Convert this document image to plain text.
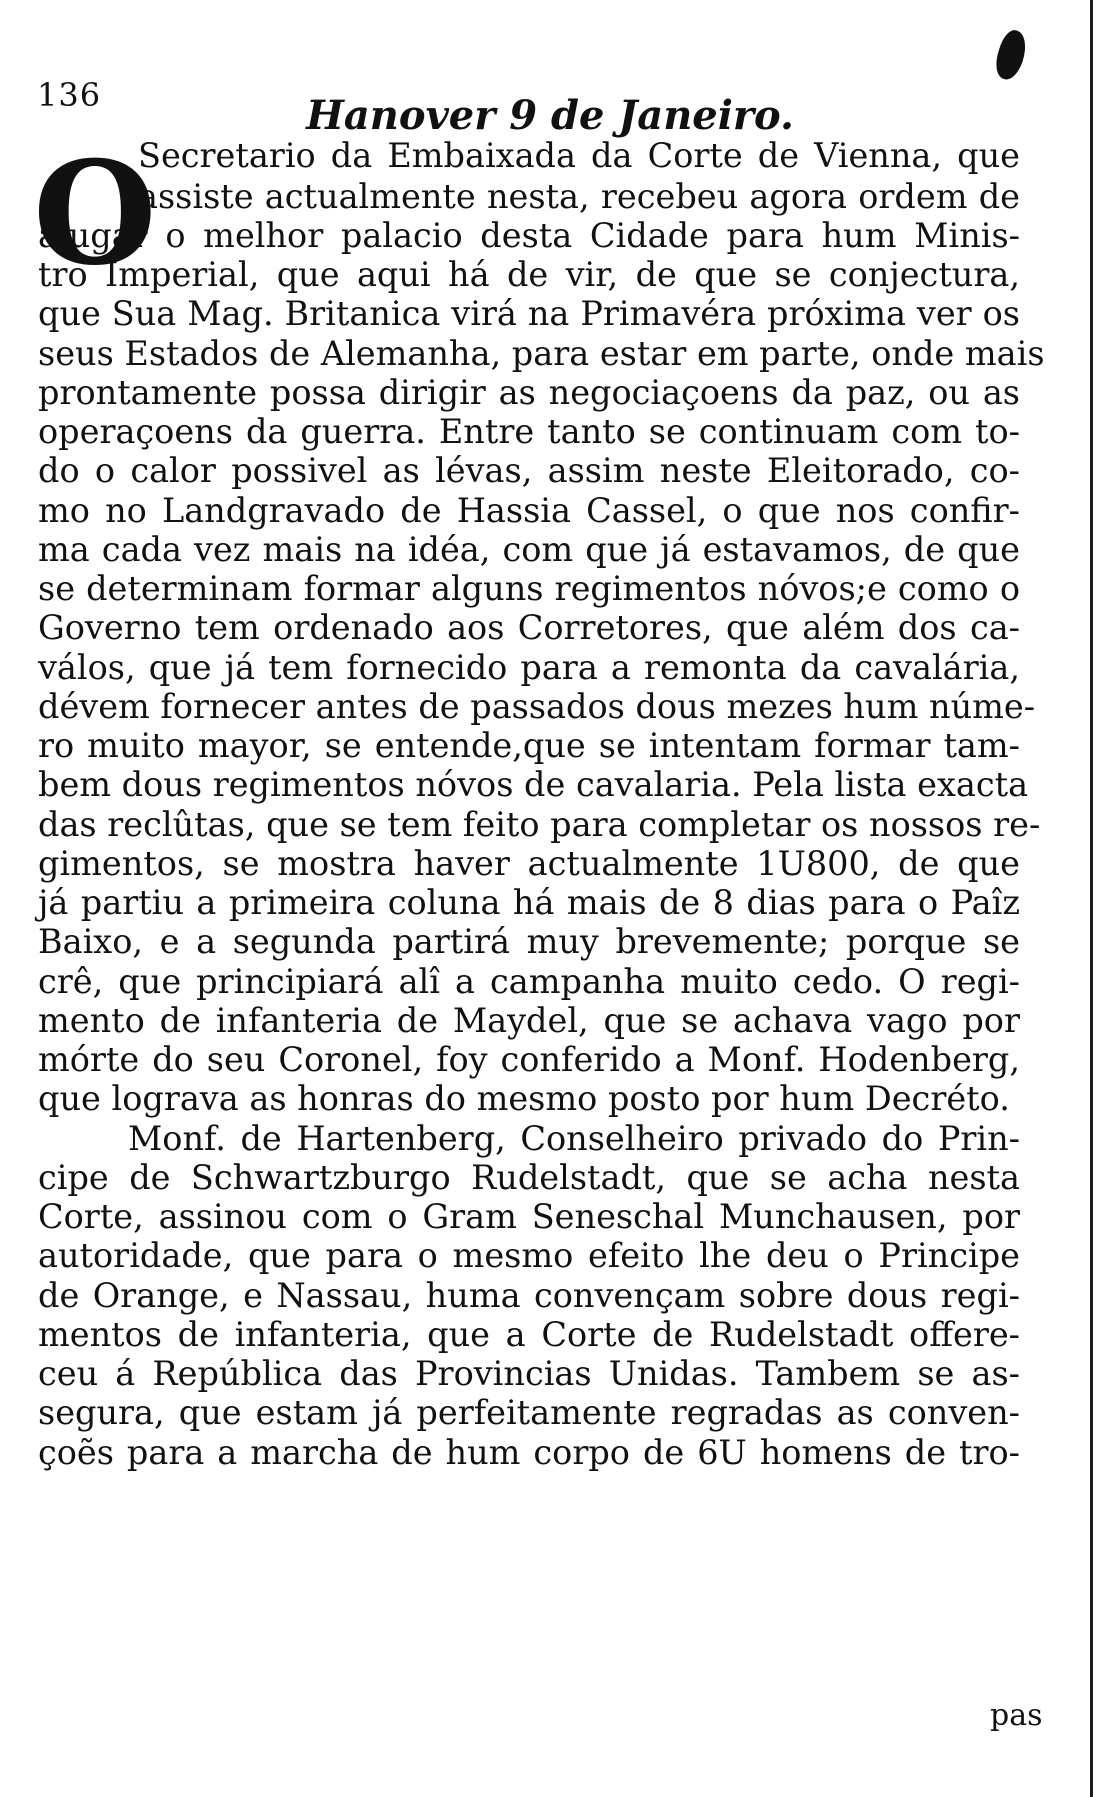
136	Hanover 9 de Janeiro.
O
Secretario da Embaixada da Corte de Vienna, que
assiste actualmente nesta, recebeu agora ordem de
alugar o melhor palacio desta Cidade para hum Minis-
tro Imperial, que aqui há de vir, de que se conjectura,
que Sua Mag. Britanica virá na Primavéra próxima ver os
seus Estados de Alemanha, para estar em parte, onde mais
prontamente possa dirigir as negociaçoens da paz, ou as
operaçoens da guerra. Entre tanto se continuam com to-
do o calor possivel as lévas, assim neste Eleitorado, co-
mo no Landgravado de Hassia Cassel, o que nos confir-
ma cada vez mais na idéa, com que já estavamos, de que
se determinam formar alguns regimentos nóvos;e como o
Governo tem ordenado aos Corretores, que além dos ca-
válos, que já tem fornecido para a remonta da cavalária,
dévem fornecer antes de passados dous mezes hum núme-
ro muito mayor, se entende,que se intentam formar tam-
bem dous regimentos nóvos de cavalaria. Pela lista exacta
das reclûtas, que se tem feito para completar os nossos re-
gimentos, se mostra haver actualmente 1U800, de que
já partiu a primeira coluna há mais de 8 dias para o Paîz
Baixo, e a segunda partirá muy brevemente; porque se
crê, que principiará alî a campanha muito cedo. O regi-
mento de infanteria de Maydel, que se achava vago por
mórte do seu Coronel, foy conferido a Monf. Hodenberg,
que lograva as honras do mesmo posto por hum Decréto.
Monf. de Hartenberg, Conselheiro privado do Prin-
cipe de Schwartzburgo Rudelstadt, que se acha nesta
Corte, assinou com o Gram Seneschal Munchausen, por
autoridade, que para o mesmo efeito lhe deu o Principe
de Orange, e Nassau, huma convençam sobre dous regi-
mentos de infanteria, que a Corte de Rudelstadt offere-
ceu á República das Provincias Unidas. Tambem se as-
segura, que estam já perfeitamente regradas as conven-
çoẽs para a marcha de hum corpo de 6U homens de tro-
pas
